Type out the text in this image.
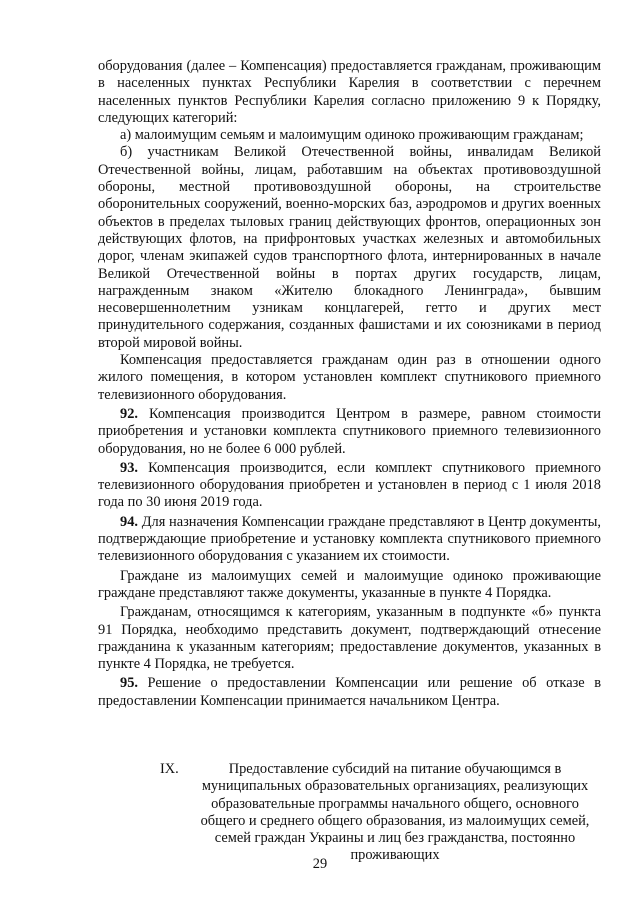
оборудования (далее – Компенсация) предоставляется гражданам, проживающим в населенных пунктах Республики Карелия в соответствии с перечнем населенных пунктов Республики Карелия согласно приложению 9 к Порядку, следующих категорий:

а) малоимущим семьям и малоимущим одиноко проживающим гражданам;

б) участникам Великой Отечественной войны, инвалидам Великой Отечественной войны, лицам, работавшим на объектах противовоздушной обороны, местной противовоздушной обороны, на строительстве оборонительных сооружений, военно-морских баз, аэродромов и других военных объектов в пределах тыловых границ действующих фронтов, операционных зон действующих флотов, на прифронтовых участках железных и автомобильных дорог, членам экипажей судов транспортного флота, интернированных в начале Великой Отечественной войны в портах других государств, лицам, награжденным знаком «Жителю блокадного Ленинграда», бывшим несовершеннолетним узникам концлагерей, гетто и других мест принудительного содержания, созданных фашистами и их союзниками в период второй мировой войны.

Компенсация предоставляется гражданам один раз в отношении одного жилого помещения, в котором установлен комплект спутникового приемного телевизионного оборудования.

92. Компенсация производится Центром в размере, равном стоимости приобретения и установки комплекта спутникового приемного телевизионного оборудования, но не более 6 000 рублей.

93. Компенсация производится, если комплект спутникового приемного телевизионного оборудования приобретен и установлен в период с 1 июля 2018 года по 30 июня 2019 года.

94. Для назначения Компенсации граждане представляют в Центр документы, подтверждающие приобретение и установку комплекта спутникового приемного телевизионного оборудования с указанием их стоимости.

Граждане из малоимущих семей и малоимущие одиноко проживающие граждане представляют также документы, указанные в пункте 4 Порядка.

Гражданам, относящимся к категориям, указанным в подпункте «б» пункта 91 Порядка, необходимо представить документ, подтверждающий отнесение гражданина к указанным категориям; предоставление документов, указанных в пункте 4 Порядка, не требуется.

95. Решение о предоставлении Компенсации или решение об отказе в предоставлении Компенсации принимается начальником Центра.

IX.	Предоставление субсидий на питание обучающимся в муниципальных образовательных организациях, реализующих образовательные программы начального общего, основного общего и среднего общего образования, из малоимущих семей, семей граждан Украины и лиц без гражданства, постоянно проживающих
29
